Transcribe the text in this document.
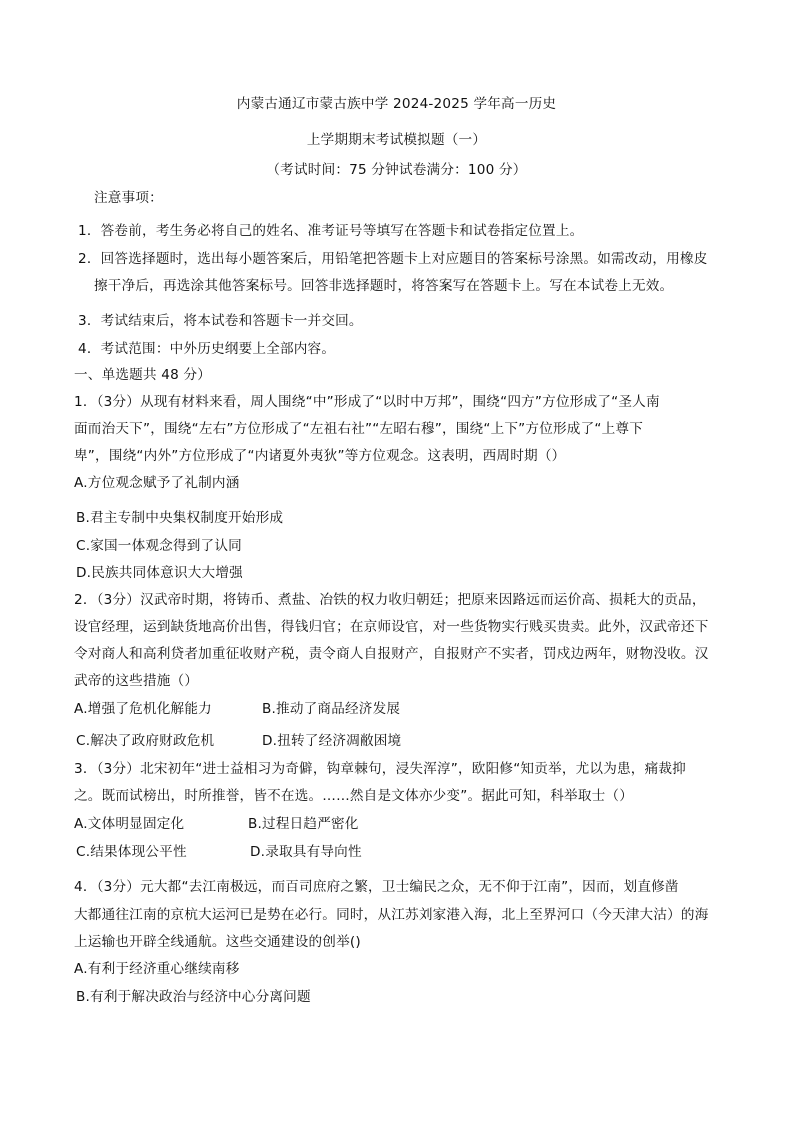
内蒙古通辽市蒙古族中学 2024-2025 学年高一历史
上学期期末考试模拟题（一）
（考试时间：75 分钟试卷满分：100 分）
注意事项：
1．答卷前，考生务必将自己的姓名、准考证号等填写在答题卡和试卷指定位置上。
2．回答选择题时，选出每小题答案后，用铅笔把答题卡上对应题目的答案标号涂黑。如需改动，用橡皮
擦干净后，再选涂其他答案标号。回答非选择题时，将答案写在答题卡上。写在本试卷上无效。
3．考试结束后，将本试卷和答题卡一并交回。
4．考试范围：中外历史纲要上全部内容。
一、单选题共 48 分）
1．（3分）从现有材料来看，周人围绕“中”形成了“以时中万邦”，围绕“四方”方位形成了“圣人南
面而治天下”，围绕“左右”方位形成了“左祖右社”“左昭右穆”，围绕“上下”方位形成了“上尊下
卑”，围绕“内外”方位形成了“内诸夏外夷狄”等方位观念。这表明，西周时期（）
A.方位观念赋予了礼制内涵
B.君主专制中央集权制度开始形成
C.家国一体观念得到了认同
D.民族共同体意识大大增强
2．（3分）汉武帝时期，将铸币、煮盐、冶铁的权力收归朝廷；把原来因路远而运价高、损耗大的贡品，
设官经理，运到缺货地高价出售，得钱归官；在京师设官，对一些货物实行贱买贵卖。此外，汉武帝还下
令对商人和高利贷者加重征收财产税，责令商人自报财产，自报财产不实者，罚戍边两年，财物没收。汉
武帝的这些措施（）
A.增强了危机化解能力	B.推动了商品经济发展
C.解决了政府财政危机	D.扭转了经济凋敝困境
3．（3分）北宋初年“进士益相习为奇僻，钩章棘句，浸失浑淳”，欧阳修“知贡举，尤以为患，痛裁抑
之。既而试榜出，时所推誉，皆不在选。……然自是文体亦少变”。据此可知，科举取士（）
A.文体明显固定化	B.过程日趋严密化
C.结果体现公平性	D.录取具有导向性
4．（3分）元大都“去江南极远，而百司庶府之繁，卫士编民之众，无不仰于江南”，因而，划直修凿
大都通往江南的京杭大运河已是势在必行。同时，从江苏刘家港入海，北上至界河口（今天津大沽）的海
上运输也开辟全线通航。这些交通建设的创举()
A.有利于经济重心继续南移
B.有利于解决政治与经济中心分离问题
